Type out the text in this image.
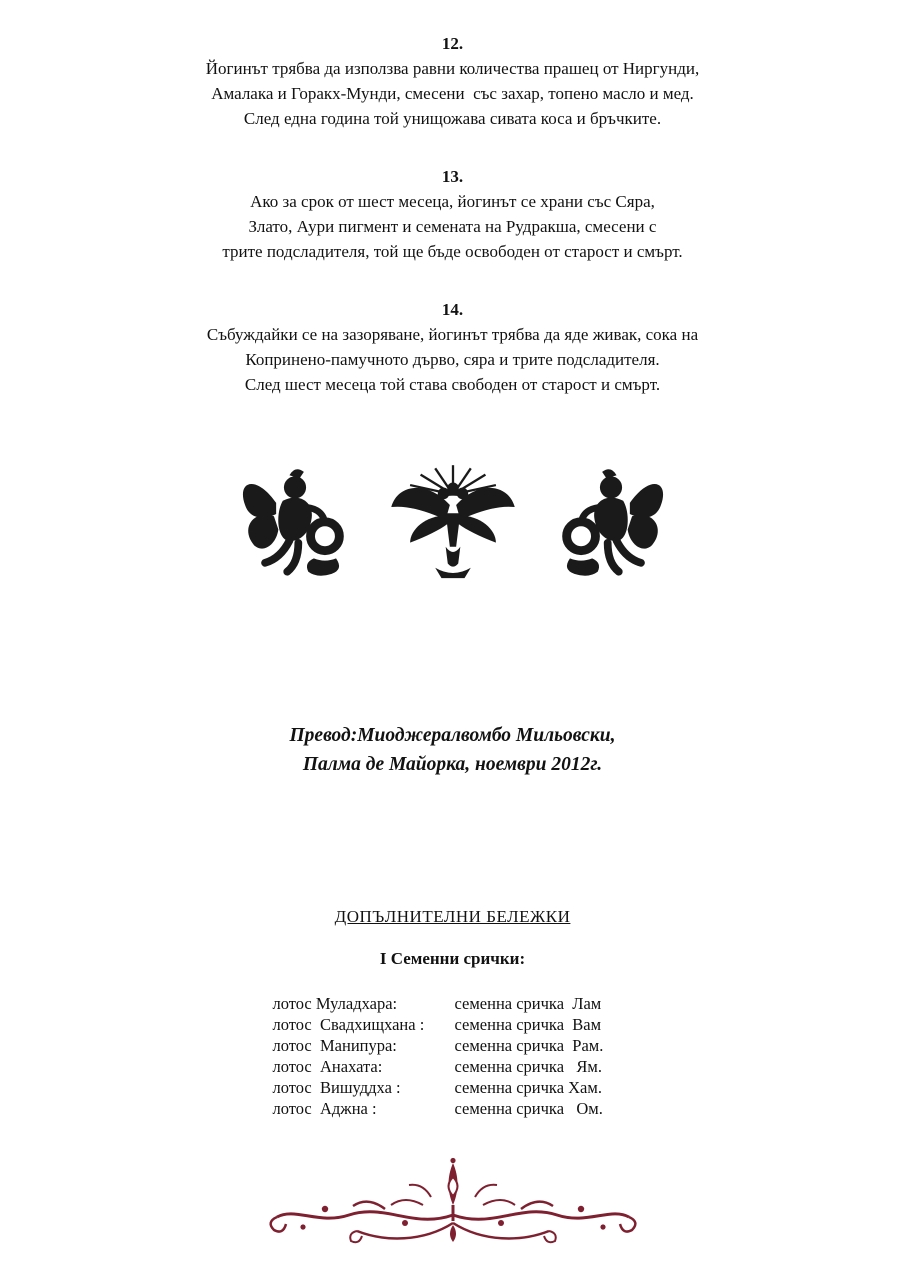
12.
Йогинът трябва да използва равни количества прашец от Ниргунди,
Амалака и Горакх-Мунди, смесени  със захар, топено масло и мед.
След една година той унищожава сивата коса и бръчките.
13.
Ако за срок от шест месеца, йогинът се храни със Сяра,
Злато, Аури пигмент и семената на Рудракша, смесени с
трите подсладителя, той ще бъде освободен от старост и смърт.
14.
Събуждайки се на зазоряване, йогинът трябва да яде живак, сока на
Копринено-памучното дърво, сяра и трите подсладителя.
След шест месеца той става свободен от старост и смърт.
Превод:Миоджералвомбо Мильовски,
Палма де Майорка, ноември 2012г.
ДОПЪЛНИТЕЛНИ БЕЛЕЖКИ
I Семенни срички:
лотос Муладхара:	семенна сричка  Лам
лотос  Свадхищхана :	семенна сричка  Вам
лотос  Манипура:	семенна сричка  Рам.
лотос  Анахата:	семенна сричка   Ям.
лотос  Вишуддха :	семенна сричка Хам.
лотос  Аджна :	семенна сричка   Ом.
